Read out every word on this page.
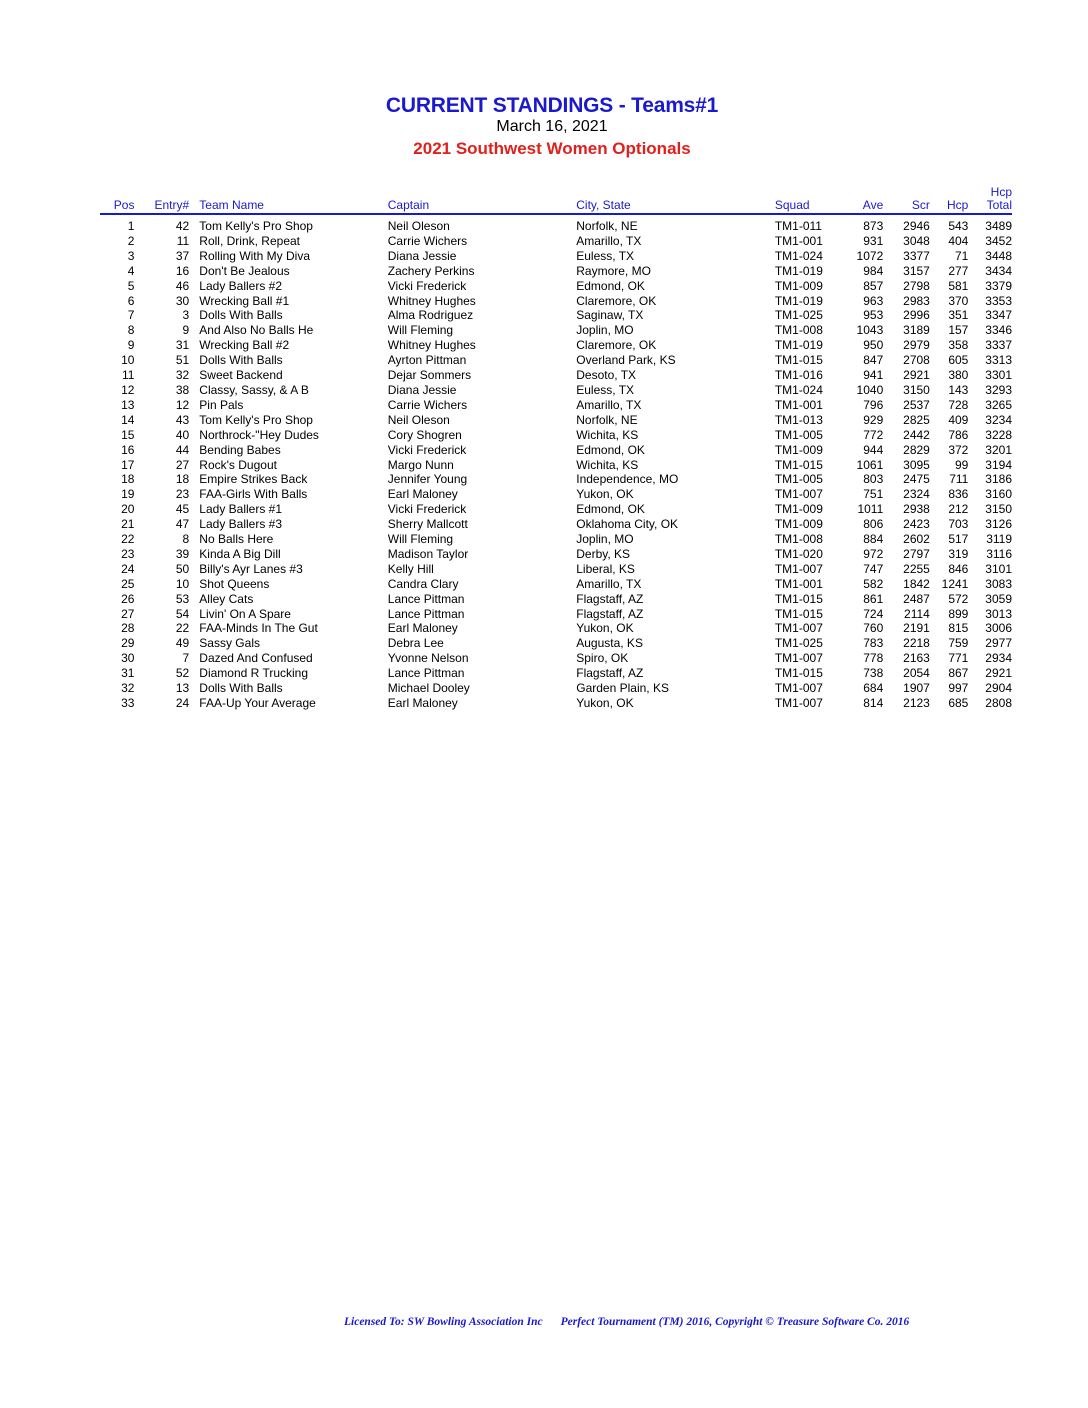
CURRENT STANDINGS - Teams#1
March 16, 2021
2021 Southwest Women Optionals
										Hcp
Pos	Entry#		Team Name	Captain	City, State	Squad	Ave	Scr	Hcp	Total

1	42		Tom Kelly's Pro Shop	Neil Oleson	Norfolk, NE	TM1-011	873	2946	543	3489
2	11		Roll, Drink, Repeat	Carrie Wichers	Amarillo, TX	TM1-001	931	3048	404	3452
3	37		Rolling With My Diva	Diana Jessie	Euless, TX	TM1-024	1072	3377	71	3448
4	16		Don't Be Jealous	Zachery Perkins	Raymore, MO	TM1-019	984	3157	277	3434
5	46		Lady Ballers #2	Vicki Frederick	Edmond, OK	TM1-009	857	2798	581	3379
6	30		Wrecking Ball #1	Whitney Hughes	Claremore, OK	TM1-019	963	2983	370	3353
7	3		Dolls With Balls	Alma Rodriguez	Saginaw, TX	TM1-025	953	2996	351	3347
8	9		And Also No Balls He	Will Fleming	Joplin, MO	TM1-008	1043	3189	157	3346
9	31		Wrecking Ball #2	Whitney Hughes	Claremore, OK	TM1-019	950	2979	358	3337
10	51		Dolls With Balls	Ayrton Pittman	Overland Park, KS	TM1-015	847	2708	605	3313
11	32		Sweet Backend	Dejar Sommers	Desoto, TX	TM1-016	941	2921	380	3301
12	38		Classy, Sassy, & A B	Diana Jessie	Euless, TX	TM1-024	1040	3150	143	3293
13	12		Pin Pals	Carrie Wichers	Amarillo, TX	TM1-001	796	2537	728	3265
14	43		Tom Kelly's Pro Shop	Neil Oleson	Norfolk, NE	TM1-013	929	2825	409	3234
15	40		Northrock-"Hey Dudes	Cory Shogren	Wichita, KS	TM1-005	772	2442	786	3228
16	44		Bending Babes	Vicki Frederick	Edmond, OK	TM1-009	944	2829	372	3201
17	27		Rock's Dugout	Margo Nunn	Wichita, KS	TM1-015	1061	3095	99	3194
18	18		Empire Strikes Back	Jennifer Young	Independence, MO	TM1-005	803	2475	711	3186
19	23		FAA-Girls With Balls	Earl Maloney	Yukon, OK	TM1-007	751	2324	836	3160
20	45		Lady Ballers #1	Vicki Frederick	Edmond, OK	TM1-009	1011	2938	212	3150
21	47		Lady Ballers #3	Sherry Mallcott	Oklahoma City, OK	TM1-009	806	2423	703	3126
22	8		No Balls Here	Will Fleming	Joplin, MO	TM1-008	884	2602	517	3119
23	39		Kinda A Big Dill	Madison Taylor	Derby, KS	TM1-020	972	2797	319	3116
24	50		Billy's Ayr Lanes #3	Kelly Hill	Liberal, KS	TM1-007	747	2255	846	3101
25	10		Shot Queens	Candra Clary	Amarillo, TX	TM1-001	582	1842	1241	3083
26	53		Alley Cats	Lance Pittman	Flagstaff, AZ	TM1-015	861	2487	572	3059
27	54		Livin' On A Spare	Lance Pittman	Flagstaff, AZ	TM1-015	724	2114	899	3013
28	22		FAA-Minds In The Gut	Earl Maloney	Yukon, OK	TM1-007	760	2191	815	3006
29	49		Sassy Gals	Debra Lee	Augusta, KS	TM1-025	783	2218	759	2977
30	7		Dazed And Confused	Yvonne Nelson	Spiro, OK	TM1-007	778	2163	771	2934
31	52		Diamond R Trucking	Lance Pittman	Flagstaff, AZ	TM1-015	738	2054	867	2921
32	13		Dolls With Balls	Michael Dooley	Garden Plain, KS	TM1-007	684	1907	997	2904
33	24		FAA-Up Your Average	Earl Maloney	Yukon, OK	TM1-007	814	2123	685	2808
Licensed To: SW Bowling Association Inc Perfect Tournament (TM) 2016, Copyright © Treasure Software Co. 2016
